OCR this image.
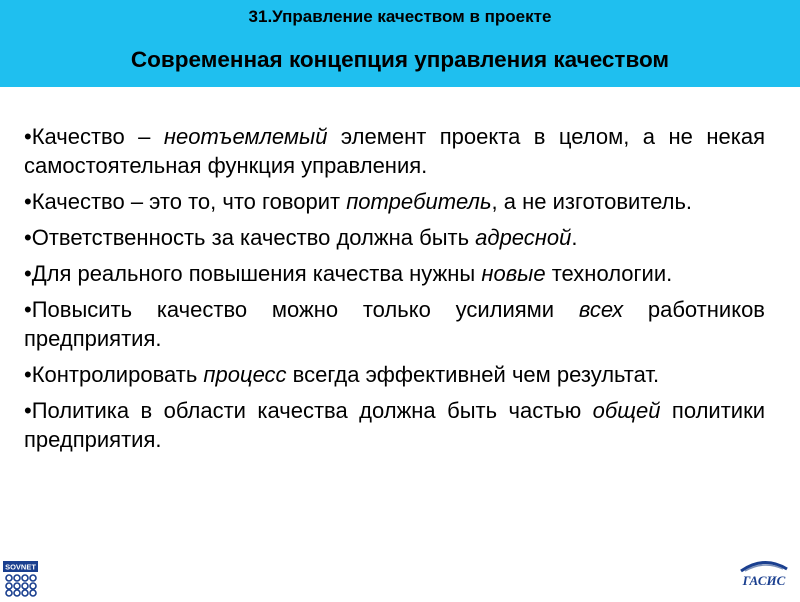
31.Управление качеством в проекте
Современная концепция управления качеством
•Качество – неотъемлемый элемент проекта в целом, а не некая самостоятельная функция управления.
•Качество – это то, что говорит потребитель, а не изготовитель.
•Ответственность за качество должна быть адресной.
•Для реального повышения качества нужны новые технологии.
•Повысить качество можно только усилиями всех работников предприятия.
•Контролировать процесс всегда эффективней чем результат.
•Политика в области качества должна быть частью общей политики предприятия.
SOVNET
ГАСИС
